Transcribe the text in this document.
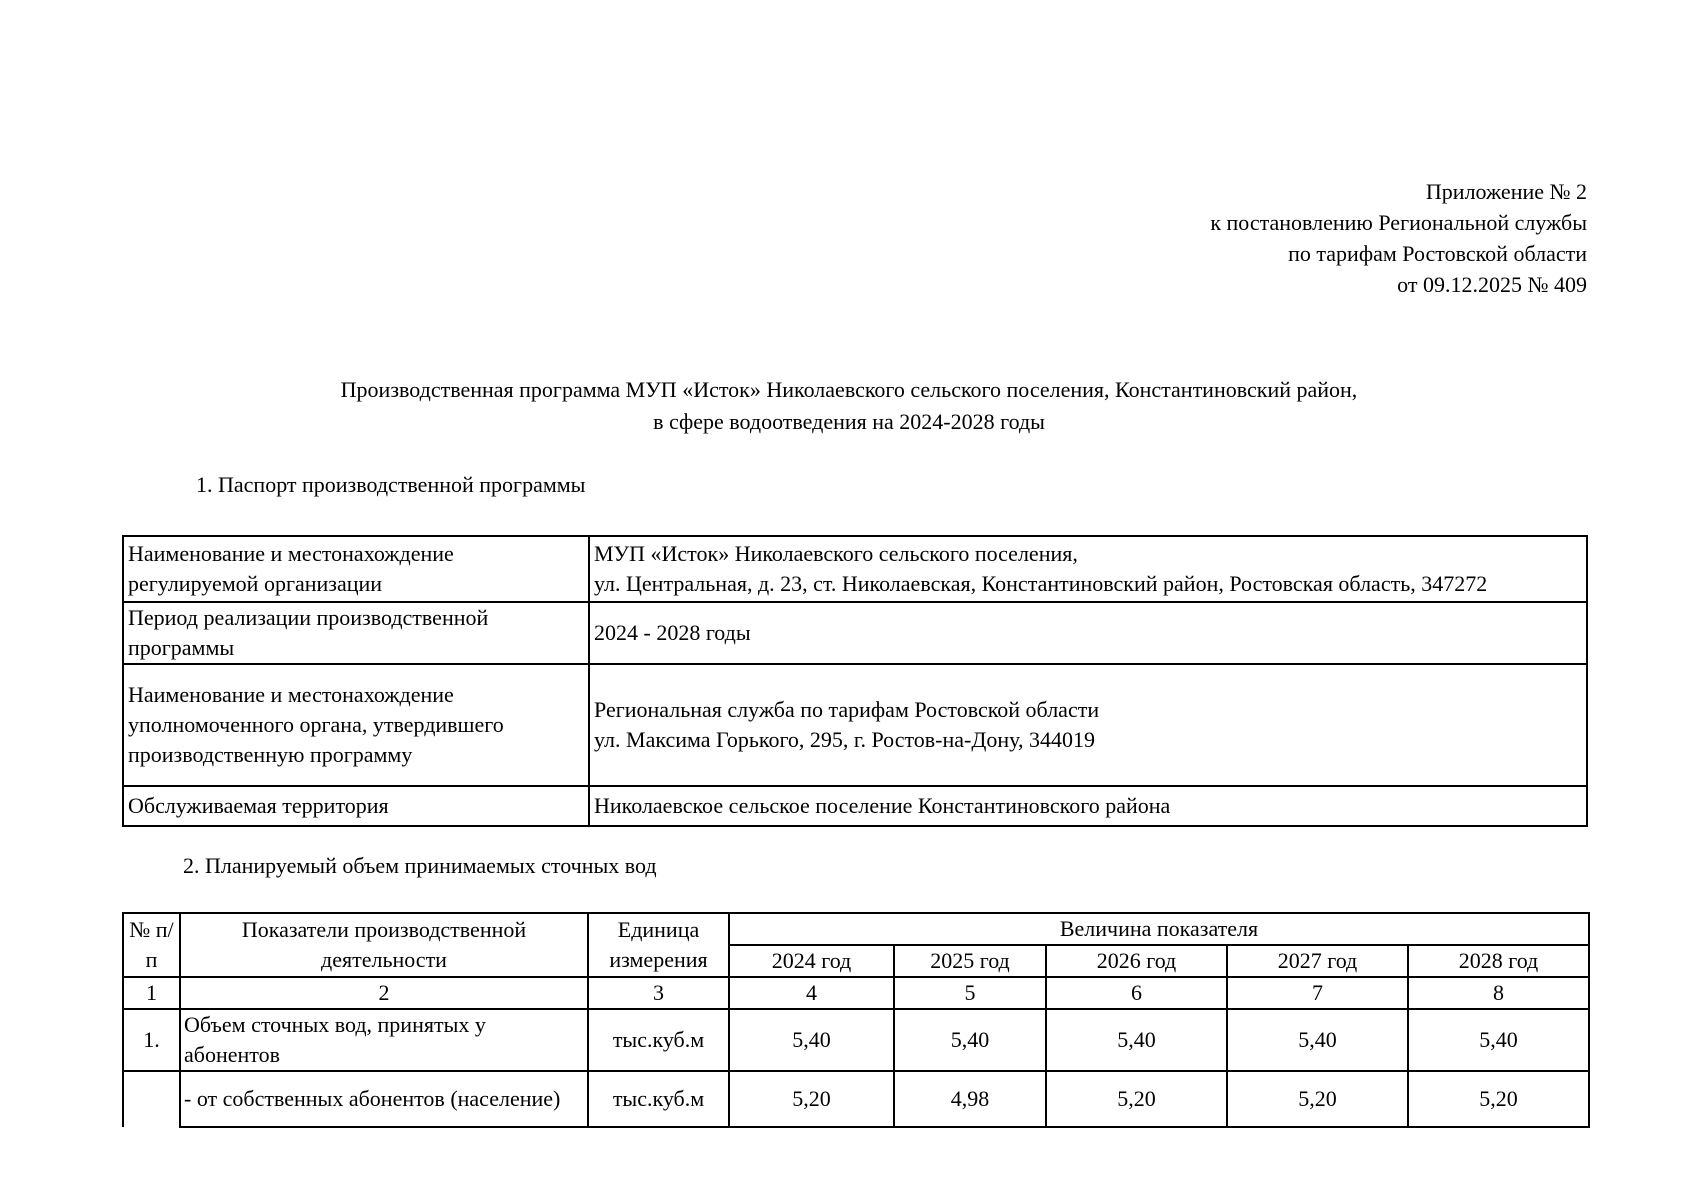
Приложение № 2
к постановлению Региональной службы
по тарифам Ростовской области
от 09.12.2025 № 409
Производственная программа МУП «Исток» Николаевского сельского поселения, Константиновский район,
в сфере водоотведения на 2024-2028 годы
1. Паспорт производственной программы
Наименование и местонахождение регулируемой организации	МУП «Исток» Николаевского сельского поселения,
ул. Центральная, д. 23, ст. Николаевская, Константиновский район, Ростовская область, 347272

Период реализации производственной программы	2024 - 2028 годы

Наименование и местонахождение уполномоченного органа, утвердившего производственную программу	Региональная служба по тарифам Ростовской области
ул. Максима Горького, 295, г. Ростов-на-Дону, 344019

Обслуживаемая территория	Николаевское сельское поселение Константиновского района
2. Планируемый объем принимаемых сточных вод
№ п/п	Показатели производственной деятельности	Единица измерения	Величина показателя				
			2024 год	2025 год	2026 год	2027 год	2028 год
1	2	3	4	5	6	7	8
1.	Объем сточных вод, принятых у абонентов	тыс.куб.м	5,40	5,40	5,40	5,40	5,40
	- от собственных абонентов (население)	тыс.куб.м	5,20	4,98	5,20	5,20	5,20
